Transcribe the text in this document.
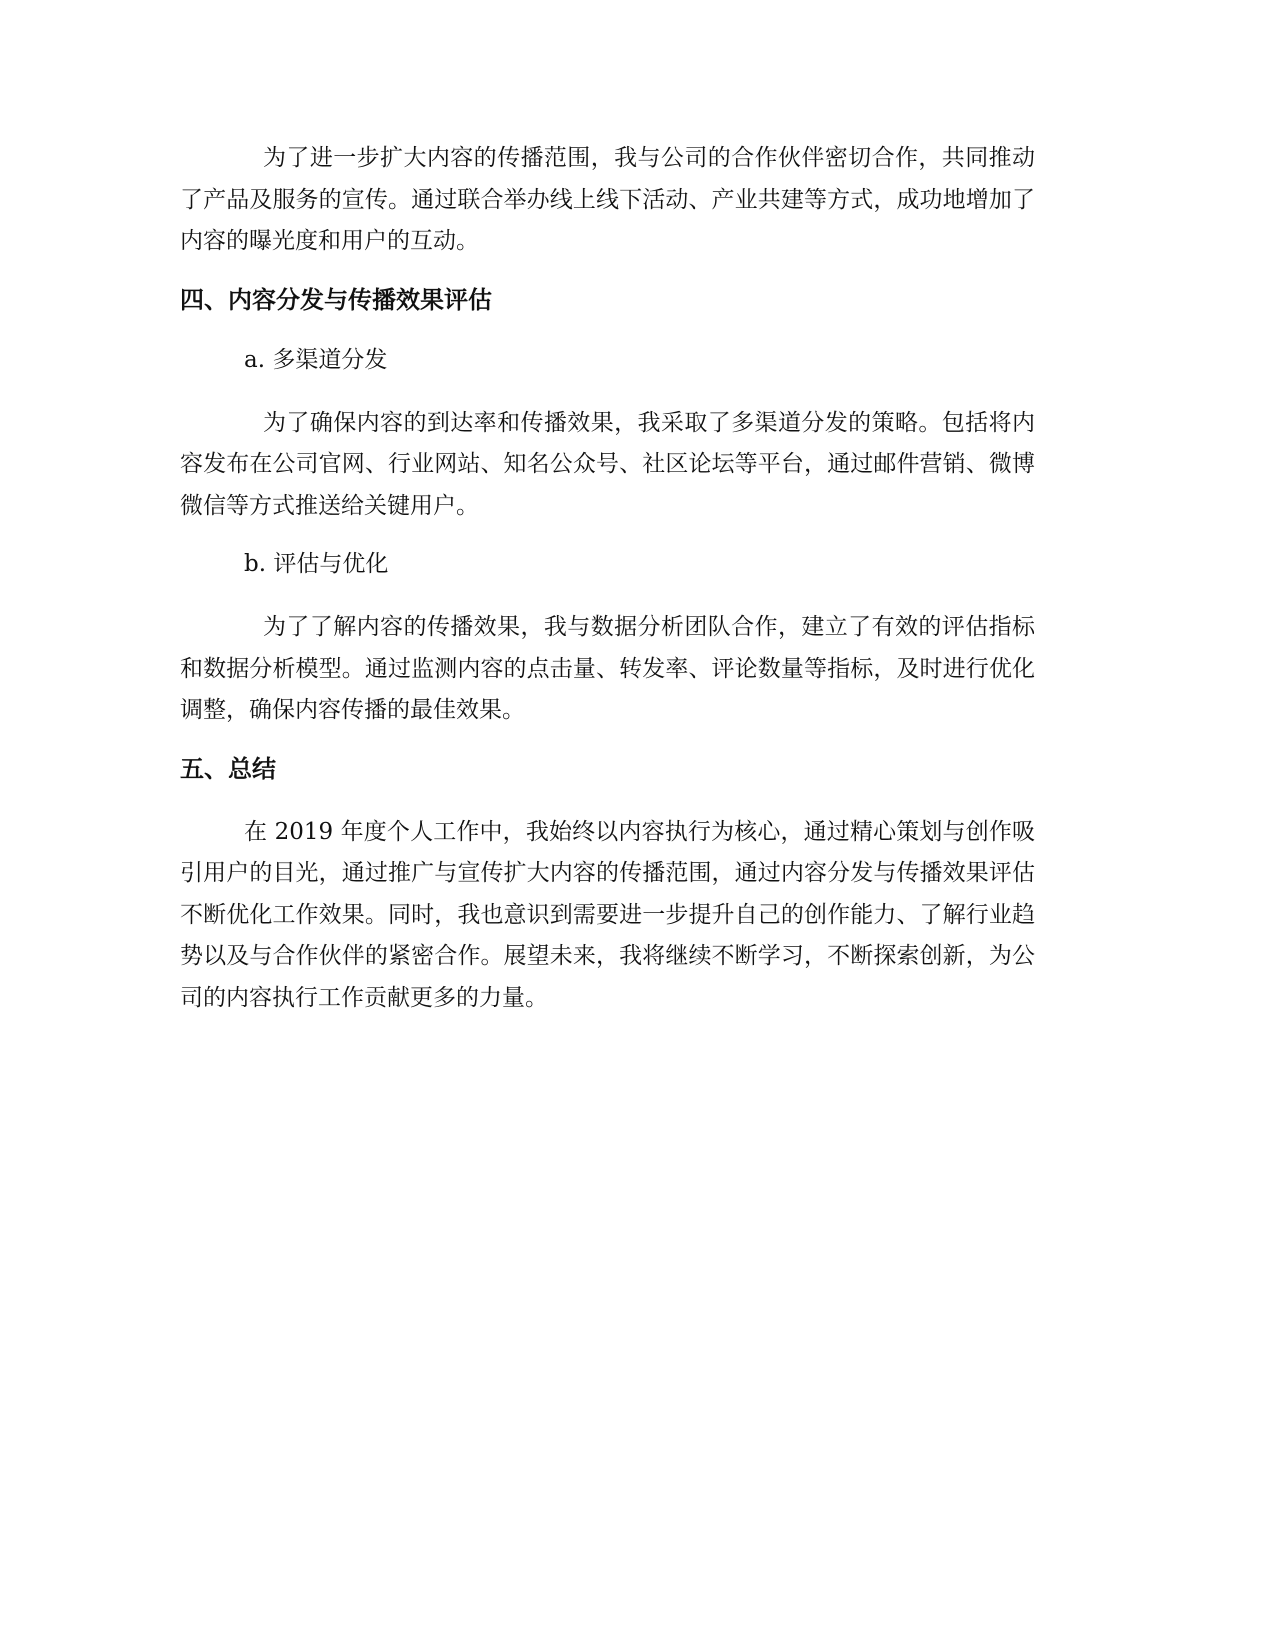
为了进一步扩大内容的传播范围，我与公司的合作伙伴密切合作，共同推动了产品及服务的宣传。通过联合举办线上线下活动、产业共建等方式，成功地增加了内容的曝光度和用户的互动。

四、内容分发与传播效果评估

a. 多渠道分发

为了确保内容的到达率和传播效果，我采取了多渠道分发的策略。包括将内容发布在公司官网、行业网站、知名公众号、社区论坛等平台，通过邮件营销、微博微信等方式推送给关键用户。

b. 评估与优化

为了了解内容的传播效果，我与数据分析团队合作，建立了有效的评估指标和数据分析模型。通过监测内容的点击量、转发率、评论数量等指标，及时进行优化调整，确保内容传播的最佳效果。

五、总结

在 2019 年度个人工作中，我始终以内容执行为核心，通过精心策划与创作吸引用户的目光，通过推广与宣传扩大内容的传播范围，通过内容分发与传播效果评估不断优化工作效果。同时，我也意识到需要进一步提升自己的创作能力、了解行业趋势以及与合作伙伴的紧密合作。展望未来，我将继续不断学习，不断探索创新，为公司的内容执行工作贡献更多的力量。
